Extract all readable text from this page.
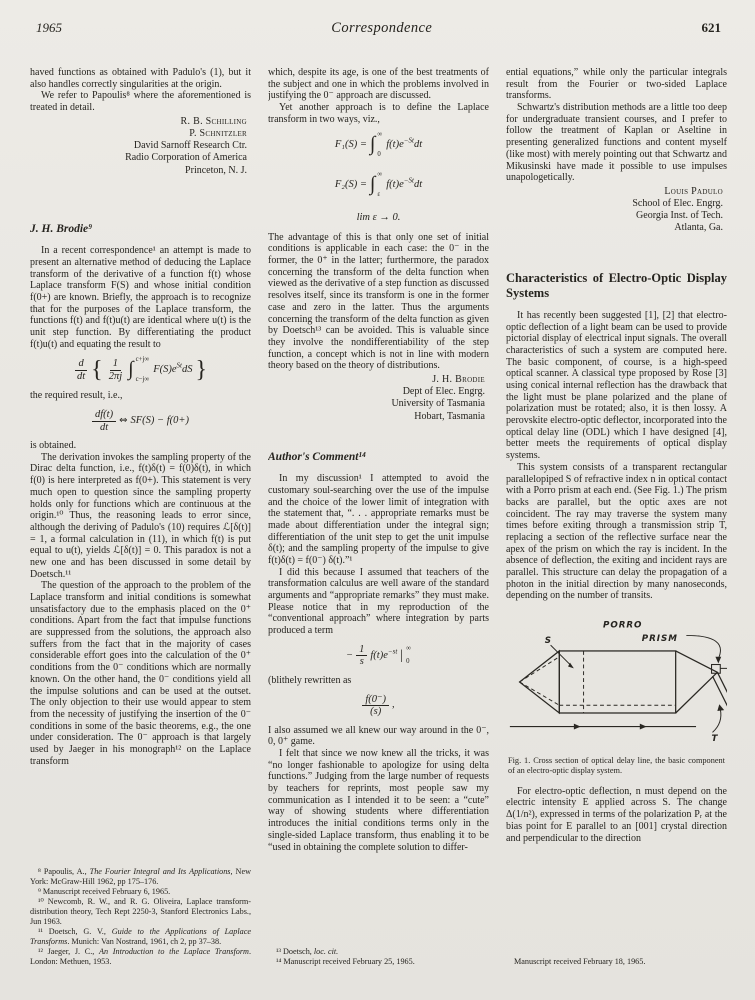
1965	Correspondence	621

haved functions as obtained with Padulo's (1), but it also handles correctly singularities at the origin.

We refer to Papoulis⁸ where the aforementioned is treated in detail.

R. B. Schilling
P. Schnitzler
David Sarnoff Research Ctr.
Radio Corporation of America
Princeton, N. J.
J. H. Brodie⁹

In a recent correspondence¹ an attempt is made to present an alternative method of deducing the Laplace transform of the derivative of a function f(t) whose Laplace transform F(S) and whose initial condition f(0+) are known. Briefly, the approach is to recognize that for the purposes of the Laplace transform, the functions f(t) and f(t)u(t) are identical where u(t) is the unit step function. By differentiating the product f(t)u(t) and equating the result to

$\frac{d}{dt}$ { $\frac{1}{2\pi j}$ ∫ c+j∞
c−j∞
$F(S)e^{St}dS$ }

the required result, i.e.,

$\frac{df(t)}{dt}$ ⇔ SF(S) − f(0+)

is obtained.

The derivation invokes the sampling property of the Dirac delta function, i.e., f(t)δ(t) = f(0)δ(t), in which f(0) is here interpreted as f(0+). This statement is very much open to question since the sampling property holds only for functions which are continuous at the origin.¹⁰ Thus, the reasoning leads to error since, although the deriving of Padulo's (10) requires ℒ[δ(t)] = 1, a formal calculation in (11), in which f(t) is put equal to u(t), yields ℒ[δ(t)] = 0. This paradox is not a new one and has been discussed in some detail by Doetsch.¹¹

The question of the approach to the problem of the Laplace transform and initial conditions is somewhat unsatisfactory due to the emphasis placed on the 0⁺ conditions. Apart from the fact that impulse functions are suppressed from the solutions, the approach also suffers from the fact that in the majority of cases considerable effort goes into the calculation of the 0⁺ conditions from the 0⁻ conditions which are normally known. On the other hand, the 0⁻ conditions yield all the impulse solutions and can be used at the outset. The only objection to their use would appear to stem from the necessity of justifying the insertion of the 0⁻ conditions in some of the basic theorems, e.g., the one under consideration. The 0⁻ approach is that largely used by Jaeger in his monograph¹² on the Laplace transform

⁸ Papoulis, A., The Fourier Integral and Its Applications, New York: McGraw-Hill 1962, pp 175–176.

⁹ Manuscript received February 6, 1965.

¹⁰ Newcomb, R. W., and R. G. Oliveira, Laplace transform-distribution theory, Tech Rept 2250-3, Stanford Electronics Labs., Jun 1963.

¹¹ Doetsch, G. V., Guide to the Applications of Laplace Transforms. Munich: Van Nostrand, 1961, ch 2, pp 37–38.

¹² Jaeger, J. C., An Introduction to the Laplace Transform. London: Methuen, 1953.

which, despite its age, is one of the best treatments of the subject and one in which the problems involved in justifying the 0⁻ approach are discussed.

Yet another approach is to define the Laplace transform in two ways, viz.,

F₁(S) = ∫ ∞
0
$f(t)e^{-St}dt$
F₂(S) = ∫ ∞
ε
$f(t)e^{-St}dt$
lim ε → 0.

The advantage of this is that only one set of initial conditions is applicable in each case: the 0⁻ in the former, the 0⁺ in the latter; furthermore, the paradox concerning the transform of the delta function when viewed as the derivative of a step function as discussed resolves itself, since its transform is one in the former case and zero in the latter. Thus the arguments concerning the transform of the delta function as given by Doetsch¹³ can be avoided. This is valuable since they involve the nondifferentiability of the step function, a concept which is not in line with modern theory based on the theory of distributions.

J. H. Brodie
Dept of Elec. Engrg.
University of Tasmania
Hobart, Tasmania
Author's Comment¹⁴

In my discussion¹ I attempted to avoid the customary soul-searching over the use of the impulse and the choice of the lower limit of integration with the statement that, “. . . appropriate remarks must be made about differentiation under the integral sign; differentiation of the unit step to get the unit impulse δ(t); and the sampling property of the impulse to give f(t)δ(t) = f(0⁻) δ(t).”¹

I did this because I assumed that teachers of the transformation calculus are well aware of the standard arguments and “appropriate remarks” they must make. Please notice that in my reproduction of the “conventional approach” where integration by parts produced a term

− $\frac{1}{s} f(t)e^{-st}$ | ∞
0

(blithely rewritten as

$\frac{f(0^-)}{(s)}$ ,

I also assumed we all knew our way around in the 0⁻, 0, 0⁺ game.

I felt that since we now knew all the tricks, it was “no longer fashionable to apologize for using delta functions.” Judging from the large number of requests by teachers for reprints, most people saw my communication as I intended it to be seen: a “cute” way of showing students where differentiation introduces the initial conditions terms only in the single-sided Laplace transform, thus enabling it to be “used in obtaining the complete solution to differ-

¹³ Doetsch, loc. cit.

¹⁴ Manuscript received February 25, 1965.

ential equations,” while only the particular integrals result from the Fourier or two-sided Laplace transforms.

Schwartz's distribution methods are a little too deep for undergraduate transient courses, and I prefer to follow the treatment of Kaplan or Aseltine in presenting generalized functions and content myself (like most) with merely pointing out that Schwartz and Mikusinski have made it possible to use impulses unapologetically.

Louis Padulo
School of Elec. Engrg.
Georgia Inst. of Tech.
Atlanta, Ga.
Characteristics of Electro-Optic Display Systems

It has recently been suggested [1], [2] that electro-optic deflection of a light beam can be used to provide pictorial display of electrical input signals. The overall characteristics of such a system are computed here. The basic component, of course, is a high-speed optical scanner. A classical type proposed by Rose [3] using conical internal reflection has the drawback that the light must be plane polarized and the plane of polarization must be rotated; also, it is then lossy. A perovskite electro-optic deflector, incorporated into the optical delay line (ODL) which I have designed [4], better meets the requirements of optical display systems.

This system consists of a transparent rectangular parallelopiped S of refractive index n in optical contact with a Porro prism at each end. (See Fig. 1.) The prism backs are parallel, but the optic axes are not coincident. The ray may traverse the system many times before exiting through a transmission strip T, replacing a section of the reflective surface near the apex of the prism on which the ray is incident. In the absence of deflection, the exiting and incident rays are parallel. This structure can delay the propagation of a photon in the initial direction by many nanoseconds, depending on the number of transits.

PORRO
PRISM
S
T

Fig. 1. Cross section of optical delay line, the basic component of an electro-optic display system.

For electro-optic deflection, n must depend on the electric intensity E applied across S. The change Δ(1/n²), expressed in terms of the polarization Pᵣ at the bias point for E parallel to an [001] crystal direction and perpendicular to the direction

Manuscript received February 18, 1965.
